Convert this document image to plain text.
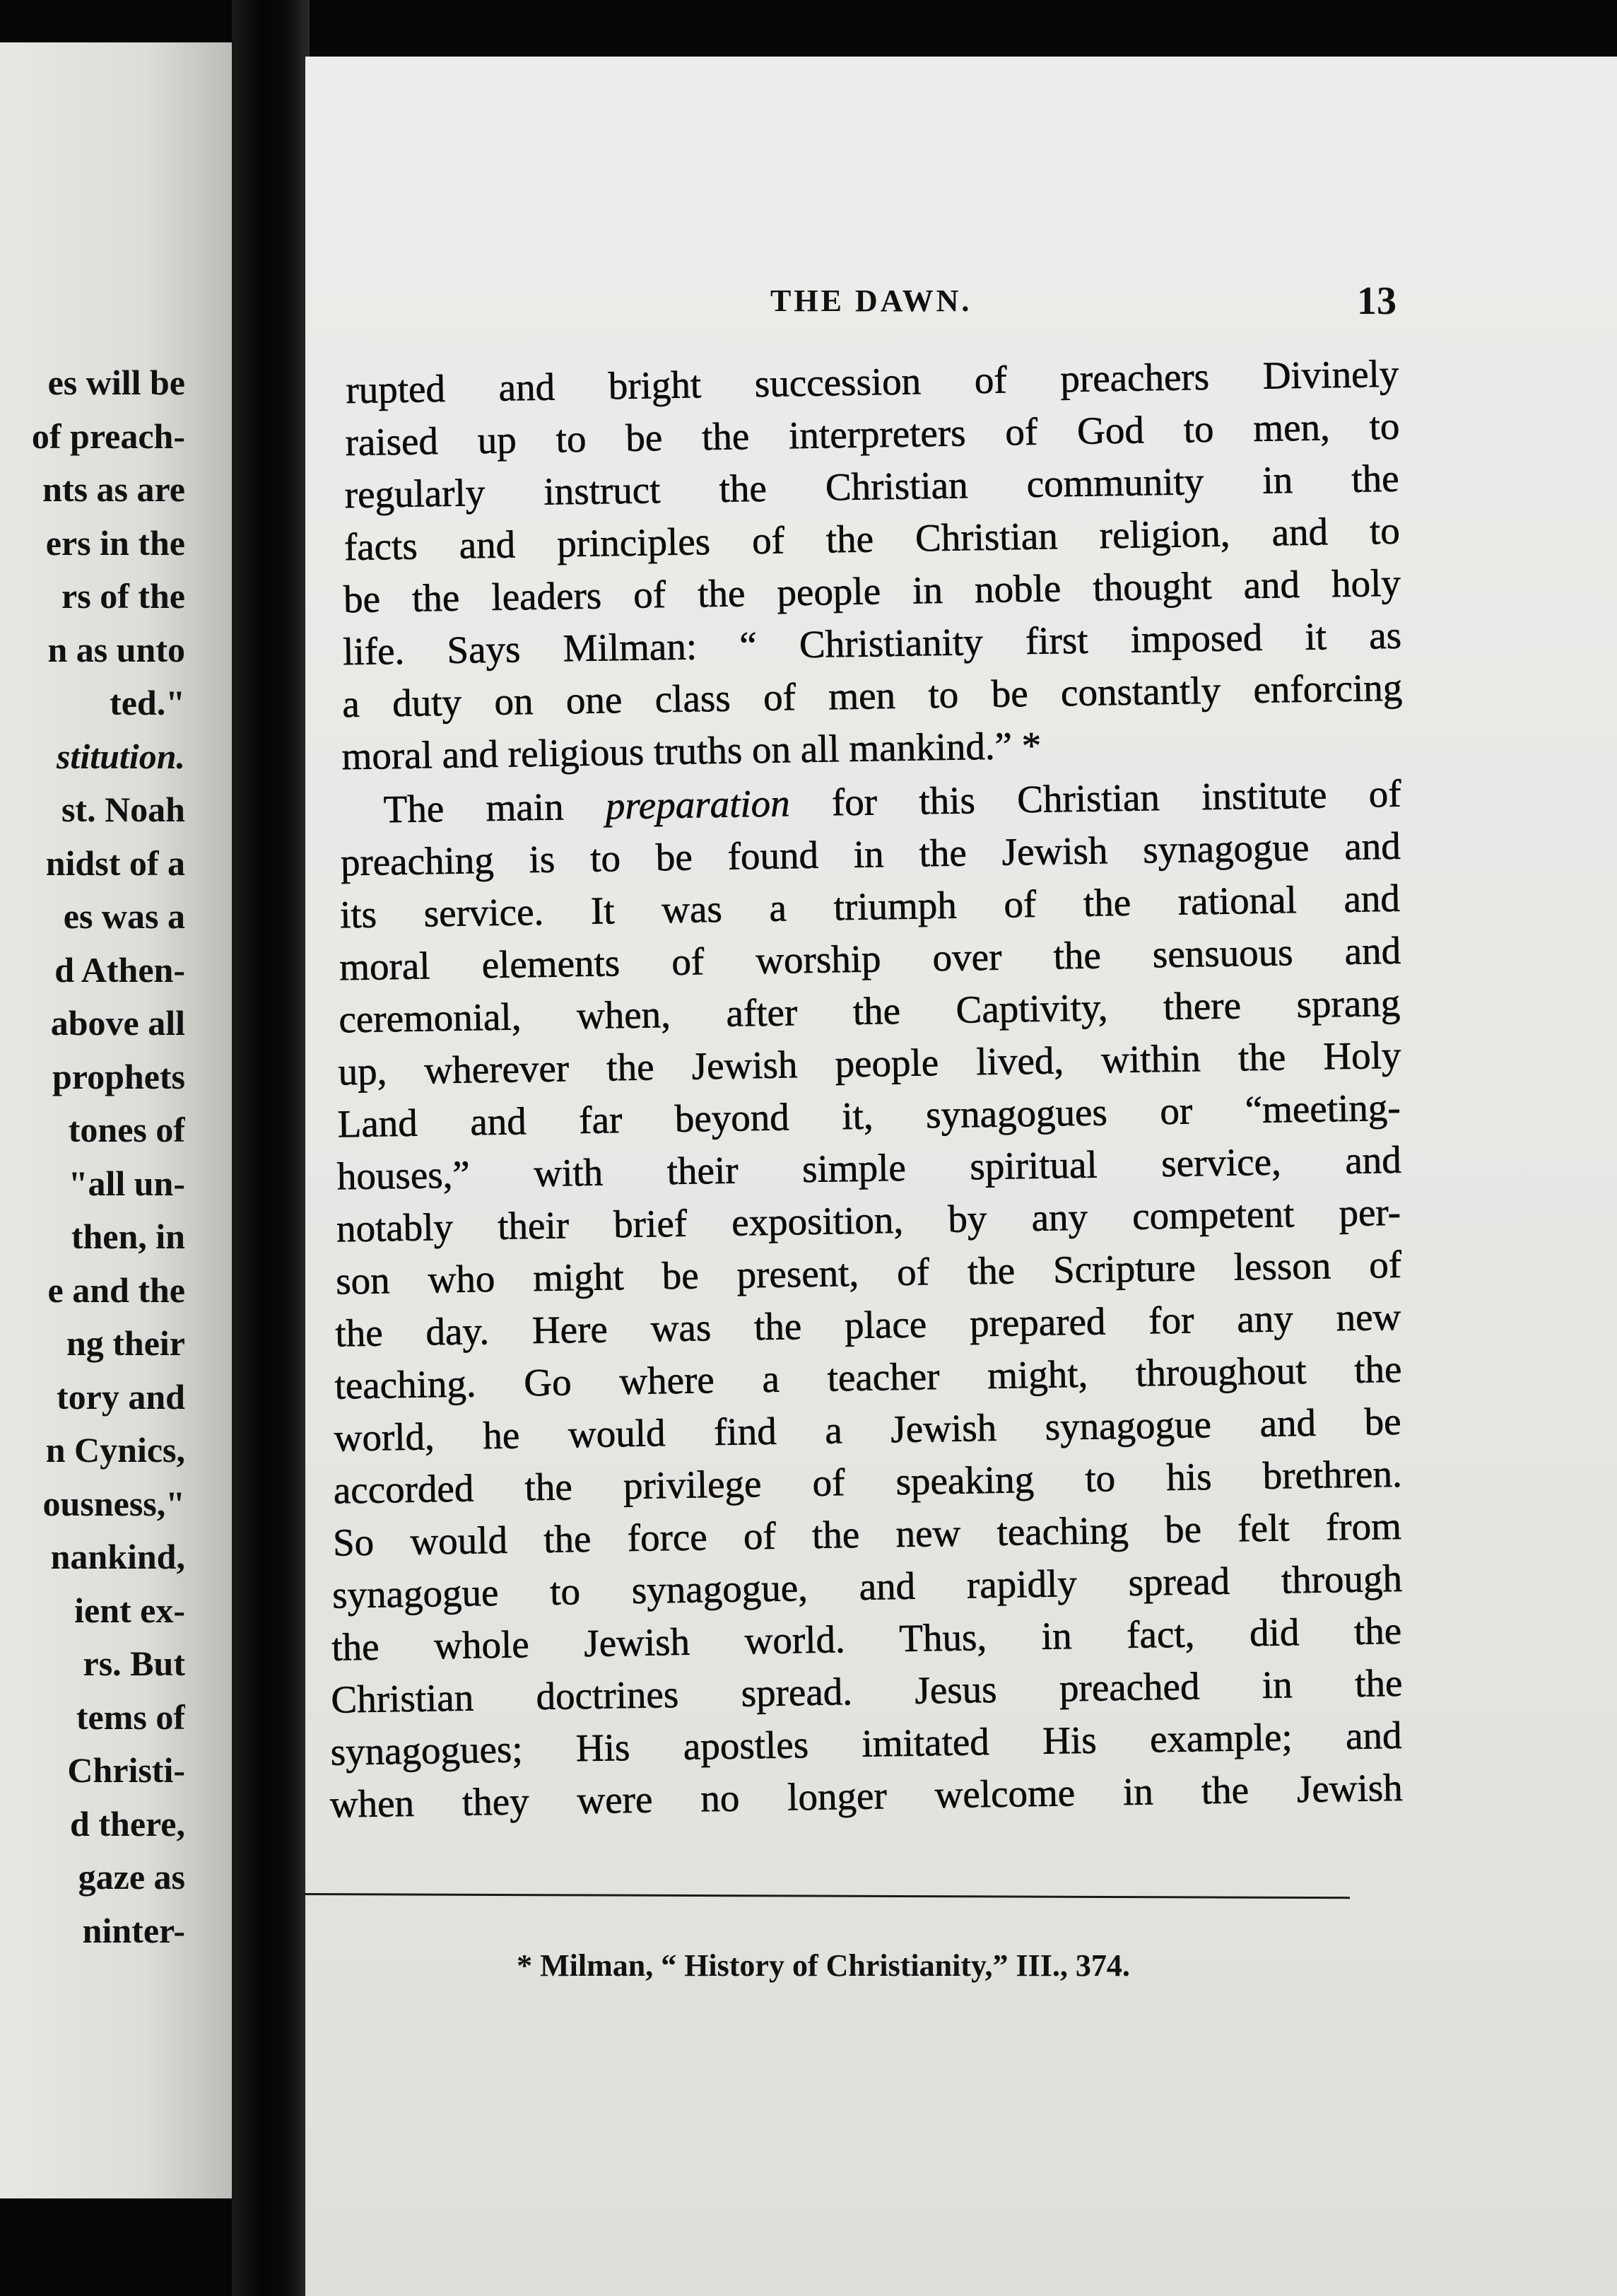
es will be
of preach-
nts as are
ers in the
rs of the
n as unto
ted."
stitution.
st. Noah
nidst of a
es was a
d Athen-
above all
prophets
tones of
"all un-
then, in
e and the
ng their
tory and
n Cynics,
ousness,"
nankind,
ient ex-
rs. But
tems of
Christi-
d there,
gaze as
ninter-
THE DAWN.	13
rupted and bright succession of preachers Divinely
raised up to be the interpreters of God to men, to
regularly instruct the Christian community in the
facts and principles of the Christian religion, and to
be the leaders of the people in noble thought and holy
life. Says Milman: “ Christianity first imposed it as
a duty on one class of men to be constantly enforcing
moral and religious truths on all mankind.” *
The main preparation for this Christian institute of
preaching is to be found in the Jewish synagogue and
its service. It was a triumph of the rational and
moral elements of worship over the sensuous and
ceremonial, when, after the Captivity, there sprang
up, wherever the Jewish people lived, within the Holy
Land and far beyond it, synagogues or “meeting-
houses,” with their simple spiritual service, and
notably their brief exposition, by any competent per-
son who might be present, of the Scripture lesson of
the day. Here was the place prepared for any new
teaching. Go where a teacher might, throughout the
world, he would find a Jewish synagogue and be
accorded the privilege of speaking to his brethren.
So would the force of the new teaching be felt from
synagogue to synagogue, and rapidly spread through
the whole Jewish world. Thus, in fact, did the
Christian doctrines spread. Jesus preached in the
synagogues; His apostles imitated His example; and
when they were no longer welcome in the Jewish
* Milman, “ History of Christianity,” III., 374.
